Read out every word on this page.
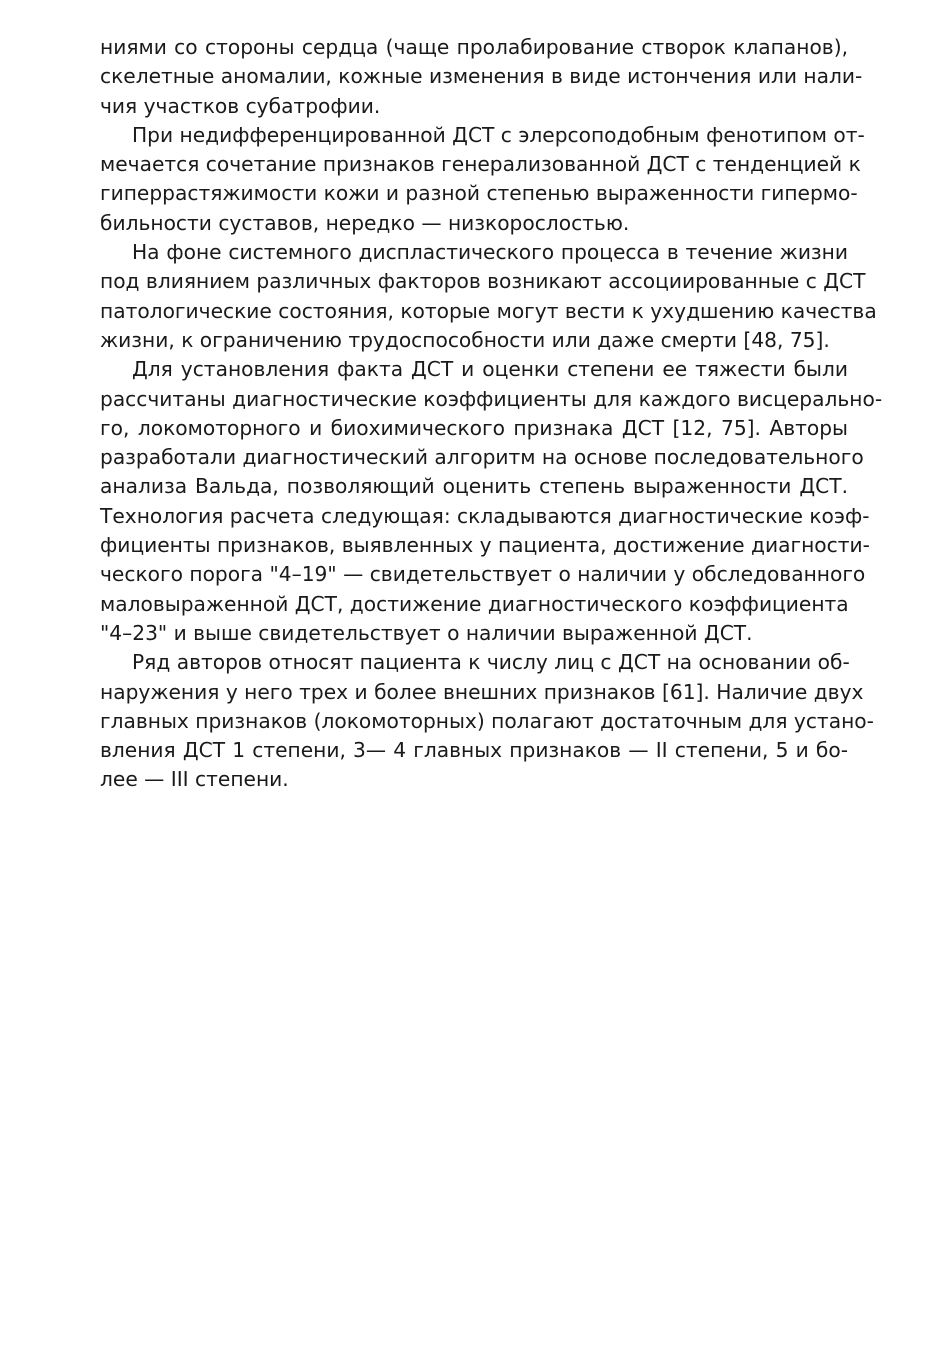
ниями со стороны сердца (чаще пролабирование створок клапанов),
скелетные аномалии, кожные изменения в виде истончения или нали-
чия участков субатрофии.

При недифференцированной ДСТ с элерсоподобным фенотипом от-
мечается сочетание признаков генерализованной ДСТ с тенденцией к
гиперрастяжимости кожи и разной степенью выраженности гипермо-
бильности суставов, нередко — низкорослостью.

На фоне системного диспластического процесса в течение жизни
под влиянием различных факторов возникают ассоциированные с ДСТ
патологические состояния, которые могут вести к ухудшению качества
жизни, к ограничению трудоспособности или даже смерти [48, 75].

Для установления факта ДСТ и оценки степени ее тяжести были
рассчитаны диагностические коэффициенты для каждого висцерально-
го, локомоторного и биохимического признака ДСТ [12, 75]. Авторы
разработали диагностический алгоритм на основе последовательного
анализа Вальда, позволяющий оценить степень выраженности ДСТ.
Технология расчета следующая: складываются диагностические коэф-
фициенты признаков, выявленных у пациента, достижение диагности-
ческого порога "4–19" — свидетельствует о наличии у обследованного
маловыраженной ДСТ, достижение диагностического коэффициента
"4–23" и выше свидетельствует о наличии выраженной ДСТ.

Ряд авторов относят пациента к числу лиц с ДСТ на основании об-
наружения у него трех и более внешних признаков [61]. Наличие двух
главных признаков (локомоторных) полагают достаточным для устано-
вления ДСТ 1 степени, 3— 4 главных признаков — II степени, 5 и бо-
лее — III степени.
